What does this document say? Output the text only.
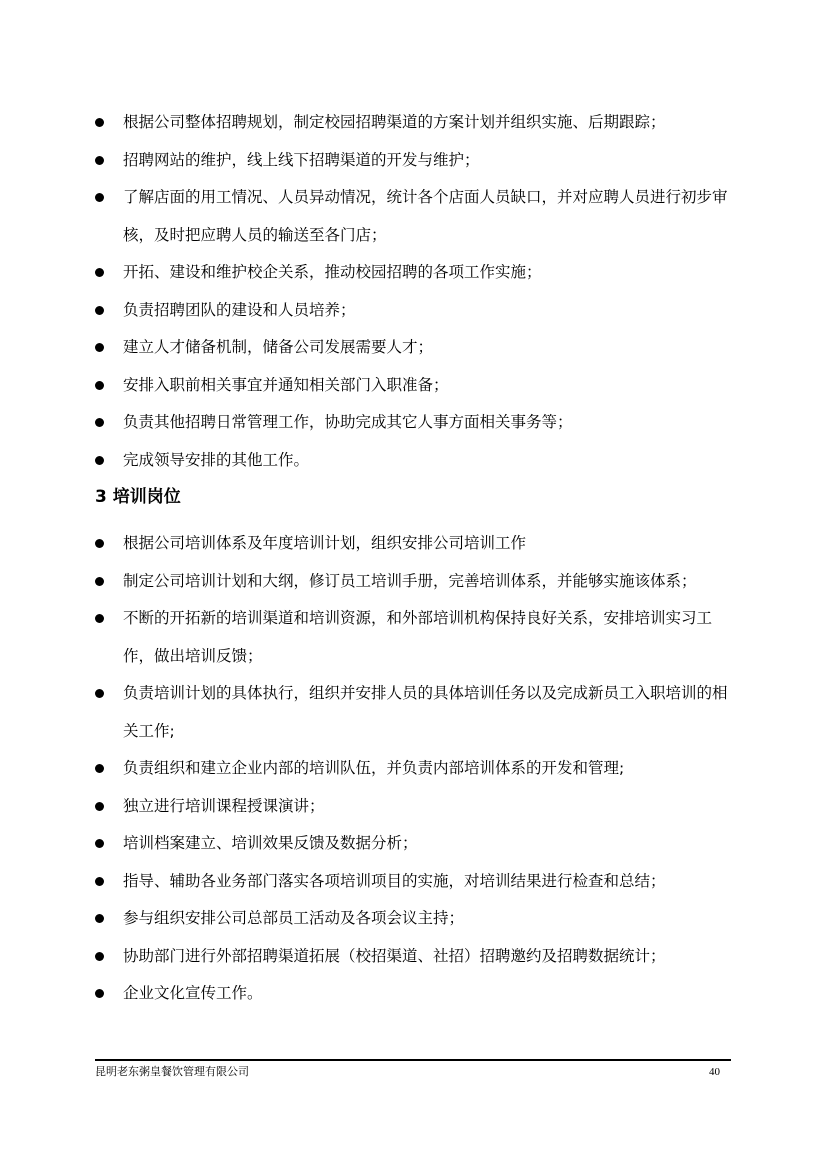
根据公司整体招聘规划，制定校园招聘渠道的方案计划并组织实施、后期跟踪；
招聘网站的维护，线上线下招聘渠道的开发与维护；
了解店面的用工情况、人员异动情况，统计各个店面人员缺口，并对应聘人员进行初步审核，及时把应聘人员的输送至各门店；
开拓、建设和维护校企关系，推动校园招聘的各项工作实施；
负责招聘团队的建设和人员培养；
建立人才储备机制，储备公司发展需要人才；
安排入职前相关事宜并通知相关部门入职准备；
负责其他招聘日常管理工作，协助完成其它人事方面相关事务等；
完成领导安排的其他工作。
3 培训岗位
根据公司培训体系及年度培训计划，组织安排公司培训工作
制定公司培训计划和大纲，修订员工培训手册，完善培训体系，并能够实施该体系；
不断的开拓新的培训渠道和培训资源，和外部培训机构保持良好关系，安排培训实习工作，做出培训反馈；
负责培训计划的具体执行，组织并安排人员的具体培训任务以及完成新员工入职培训的相关工作;
负责组织和建立企业内部的培训队伍，并负责内部培训体系的开发和管理;
独立进行培训课程授课演讲；
培训档案建立、培训效果反馈及数据分析；
指导、辅助各业务部门落实各项培训项目的实施，对培训结果进行检查和总结；
参与组织安排公司总部员工活动及各项会议主持；
协助部门进行外部招聘渠道拓展（校招渠道、社招）招聘邀约及招聘数据统计；
企业文化宣传工作。
昆明老东粥皇餐饮管理有限公司	40
